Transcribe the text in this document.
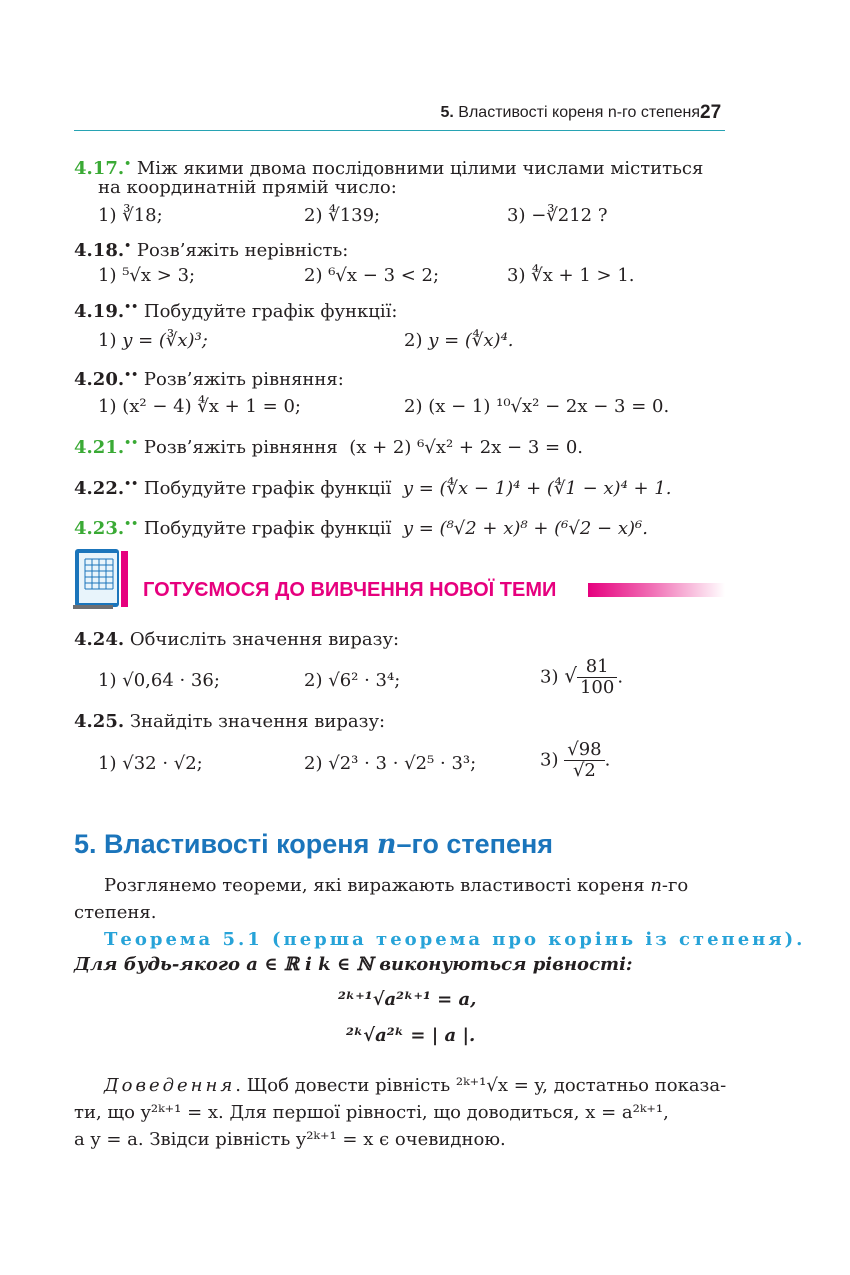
5. Властивості кореня n-го степеня 27
4.17.• Між якими двома послідовними цілими числами міститься
на координатній прямій число:
1) ∛18;	2) ∜139;	3) −∛212 ?
4.18.• Розв’яжіть нерівність:
1) ⁵√x > 3;	2) ⁶√x − 3 < 2;	3) ∜x + 1 > 1.
4.19.•• Побудуйте графік функції:
1) y = (∛x)³;	2) y = (∜x)⁴.
4.20.•• Розв’яжіть рівняння:
1) (x² − 4) ∜x + 1 = 0;	2) (x − 1) ¹⁰√x² − 2x − 3 = 0.
4.21.•• Розв’яжіть рівняння (x + 2) ⁶√x² + 2x − 3 = 0.
4.22.•• Побудуйте графік функції y = (∜x − 1)⁴ + (∜1 − x)⁴ + 1.
4.23.•• Побудуйте графік функції y = (⁸√2 + x)⁸ + (⁶√2 − x)⁶.
ГОТУЄМОСЯ ДО ВИВЧЕННЯ НОВОЇ ТЕМИ
4.24. Обчисліть значення виразу:
1) √0,64 · 36;	2) √6² · 3⁴;	3) √ $\frac{81}{100}$ .
4.25. Знайдіть значення виразу:
1) √32 · √2;	2) √2³ · 3 · √2⁵ · 3³;	$3) \frac{√98}{√2}$ .
5. Властивості кореня n–го степеня
Розглянемо теореми, які виражають властивості кореня n-го
степеня.
Теорема 5.1 (перша теорема про корінь із степеня).
Для будь-якого a ∈ ℝ і k ∈ ℕ виконуються рівності:
²ᵏ⁺¹√a²ᵏ⁺¹ = a,
²ᵏ√a²ᵏ = | a |.
Доведення. Щоб довести рівність ²ᵏ⁺¹√x = y, достатньо показа-
ти, що y²ᵏ⁺¹ = x. Для першої рівності, що доводиться, x = a²ᵏ⁺¹,
а y = a. Звідси рівність y²ᵏ⁺¹ = x є очевидною.
